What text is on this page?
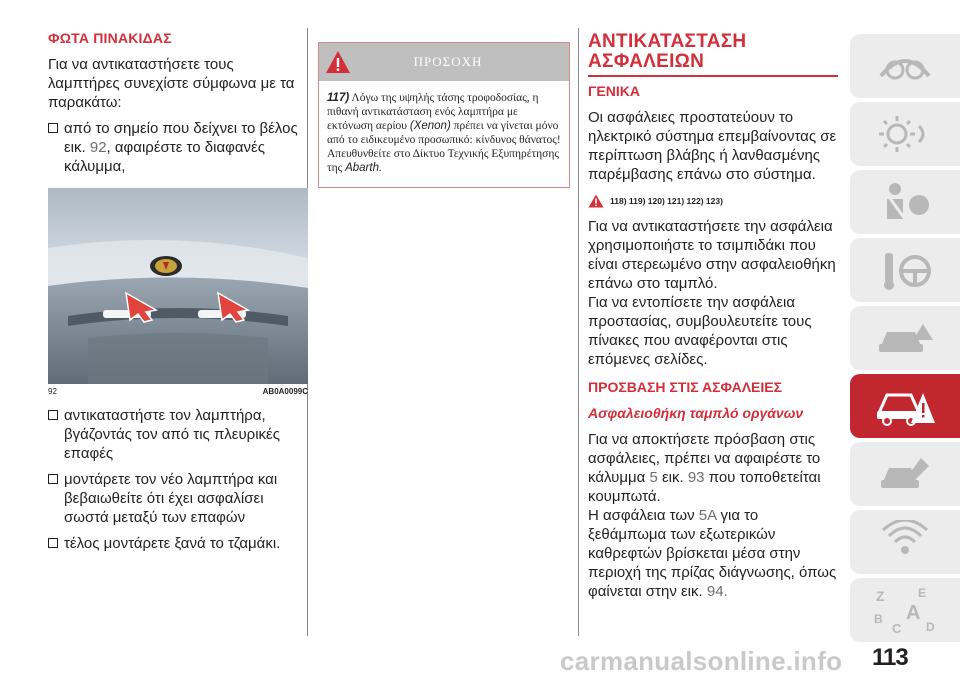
ΦΩΤΑ ΠΙΝΑΚΙΔΑΣ
Για να αντικαταστήσετε τους λαμπτήρες συνεχίστε σύμφωνα με τα παρακάτω:
από το σημείο που δείχνει το βέλος εικ. 92, αφαιρέστε το διαφανές κάλυμμα,
92	AB0A0099C
αντικαταστήστε τον λαμπτήρα, βγάζοντάς τον από τις πλευρικές επαφές
μοντάρετε τον νέο λαμπτήρα και βεβαιωθείτε ότι έχει ασφαλίσει σωστά μεταξύ των επαφών
τέλος μοντάρετε ξανά το τζαμάκι.
ΠΡΟΣΟΧΗ
117) Λόγω της υψηλής τάσης τροφοδοσίας, η πιθανή αντικατάσταση ενός λαμπτήρα με εκτόνωση αερίου (Xenon) πρέπει να γίνεται μόνο από το ειδικευμένο προσωπικό: κίνδυνος θάνατος! Απευθυνθείτε στο Δίκτυο Τεχνικής Εξυπηρέτησης της Abarth.
ΑΝΤΙΚΑΤΑΣΤΑΣΗ
ΑΣΦΑΛΕΙΩΝ
ΓΕΝΙΚΑ
Οι ασφάλειες προστατεύουν το ηλεκτρικό σύστημα επεμβαίνοντας σε περίπτωση βλάβης ή λανθασμένης παρέμβασης επάνω στο σύστημα.
118) 119) 120) 121) 122) 123)
Για να αντικαταστήσετε την ασφάλεια χρησιμοποιήστε το τσιμπιδάκι που είναι στερεωμένο στην ασφαλειοθήκη επάνω στο ταμπλό.
Για να εντοπίσετε την ασφάλεια προστασίας, συμβουλευτείτε τους πίνακες που αναφέρονται στις επόμενες σελίδες.
ΠΡΟΣΒΑΣΗ ΣΤΙΣ ΑΣΦΑΛΕΙΕΣ
Ασφαλειοθήκη ταμπλό οργάνων
Για να αποκτήσετε πρόσβαση στις ασφάλειες, πρέπει να αφαιρέστε το κάλυμμα 5 εικ. 93 που τοποθετείται κουμπωτά.
Η ασφάλεια των 5A για το ξεθάμπωμα των εξωτερικών καθρεφτών βρίσκεται μέσα στην περιοχή της πρίζας διάγνωσης, όπως φαίνεται στην εικ. 94.	Z	E
B
C
A
D
carmanualsonline.info 113
